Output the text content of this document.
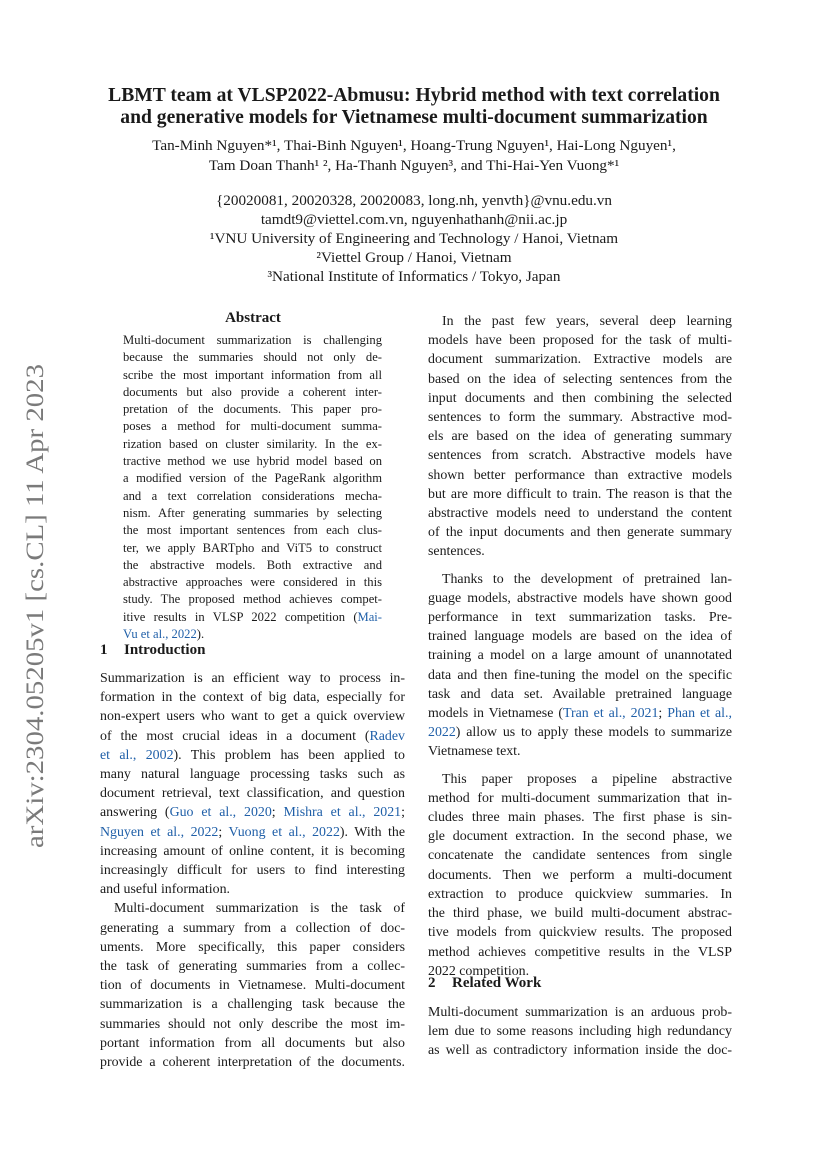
arXiv:2304.05205v1 [cs.CL] 11 Apr 2023
LBMT team at VLSP2022-Abmusu: Hybrid method with text correlation
and generative models for Vietnamese multi-document summarization
Tan-Minh Nguyen*¹, Thai-Binh Nguyen¹, Hoang-Trung Nguyen¹, Hai-Long Nguyen¹,
Tam Doan Thanh¹ ², Ha-Thanh Nguyen³, and Thi-Hai-Yen Vuong*¹
{20020081, 20020328, 20020083, long.nh, yenvth}@vnu.edu.vn
tamdt9@viettel.com.vn, nguyenhathanh@nii.ac.jp
¹VNU University of Engineering and Technology / Hanoi, Vietnam
²Viettel Group / Hanoi, Vietnam
³National Institute of Informatics / Tokyo, Japan
Abstract
Multi-document summarization is challenging
because the summaries should not only de-
scribe the most important information from all
documents but also provide a coherent inter-
pretation of the documents. This paper pro-
poses a method for multi-document summa-
rization based on cluster similarity. In the ex-
tractive method we use hybrid model based on
a modified version of the PageRank algorithm
and a text correlation considerations mecha-
nism. After generating summaries by selecting
the most important sentences from each clus-
ter, we apply BARTpho and ViT5 to construct
the abstractive models. Both extractive and
abstractive approaches were considered in this
study. The proposed method achieves compet-
itive results in VLSP 2022 competition (Mai-
Vu et al., 2022).
1 Introduction
Summarization is an efficient way to process in-
formation in the context of big data, especially for
non-expert users who want to get a quick overview
of the most crucial ideas in a document (Radev
et al., 2002). This problem has been applied to
many natural language processing tasks such as
document retrieval, text classification, and question
answering (Guo et al., 2020; Mishra et al., 2021;
Nguyen et al., 2022; Vuong et al., 2022). With the
increasing amount of online content, it is becoming
increasingly difficult for users to find interesting
and useful information.
Multi-document summarization is the task of
generating a summary from a collection of doc-
uments. More specifically, this paper considers
the task of generating summaries from a collec-
tion of documents in Vietnamese. Multi-document
summarization is a challenging task because the
summaries should not only describe the most im-
portant information from all documents but also
provide a coherent interpretation of the documents.
In the past few years, several deep learning
models have been proposed for the task of multi-
document summarization. Extractive models are
based on the idea of selecting sentences from the
input documents and then combining the selected
sentences to form the summary. Abstractive mod-
els are based on the idea of generating summary
sentences from scratch. Abstractive models have
shown better performance than extractive models
but are more difficult to train. The reason is that the
abstractive models need to understand the content
of the input documents and then generate summary
sentences.
Thanks to the development of pretrained lan-
guage models, abstractive models have shown good
performance in text summarization tasks. Pre-
trained language models are based on the idea of
training a model on a large amount of unannotated
data and then fine-tuning the model on the specific
task and data set. Available pretrained language
models in Vietnamese (Tran et al., 2021; Phan et al.,
2022) allow us to apply these models to summarize
Vietnamese text.
This paper proposes a pipeline abstractive
method for multi-document summarization that in-
cludes three main phases. The first phase is sin-
gle document extraction. In the second phase, we
concatenate the candidate sentences from single
documents. Then we perform a multi-document
extraction to produce quickview summaries. In
the third phase, we build multi-document abstrac-
tive models from quickview results. The proposed
method achieves competitive results in the VLSP
2022 competition.
2 Related Work
Multi-document summarization is an arduous prob-
lem due to some reasons including high redundancy
as well as contradictory information inside the doc-
